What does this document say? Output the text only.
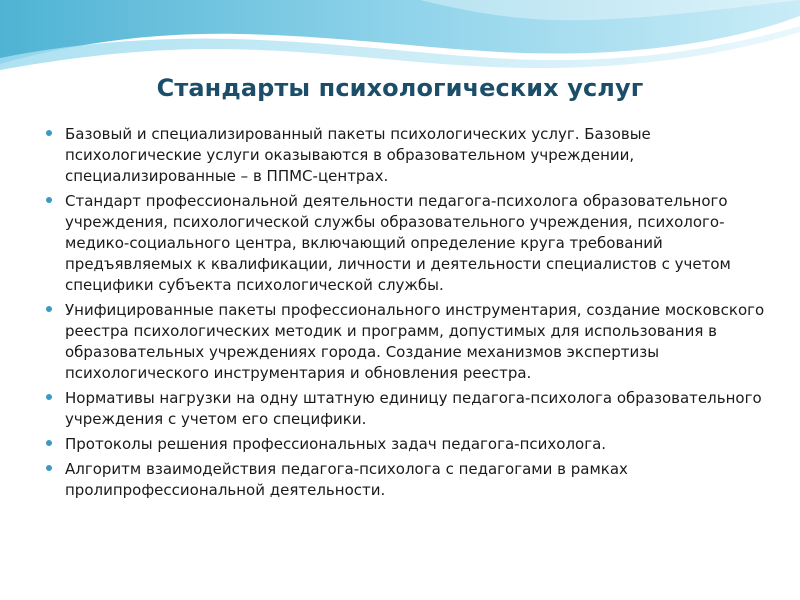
Стандарты психологических услуг
Базовый и специализированный пакеты психологических услуг. Базовые психологические услуги оказываются в образовательном учреждении, специализированные – в ППМС-центрах.
Стандарт профессиональной деятельности педагога-психолога образовательного учреждения, психологической службы образовательного учреждения, психолого-медико-социального центра, включающий определение круга требований предъявляемых к квалификации, личности и деятельности специалистов с учетом специфики субъекта психологической службы.
Унифицированные пакеты профессионального инструментария, создание московского реестра психологических методик и программ, допустимых для использования в образовательных учреждениях города. Создание механизмов экспертизы психологического инструментария и обновления реестра.
Нормативы нагрузки на одну штатную единицу педагога-психолога образовательного учреждения с учетом его специфики.
Протоколы решения профессиональных задач педагога-психолога.
Алгоритм взаимодействия педагога-психолога с педагогами в рамках пролипрофессиональной деятельности.
